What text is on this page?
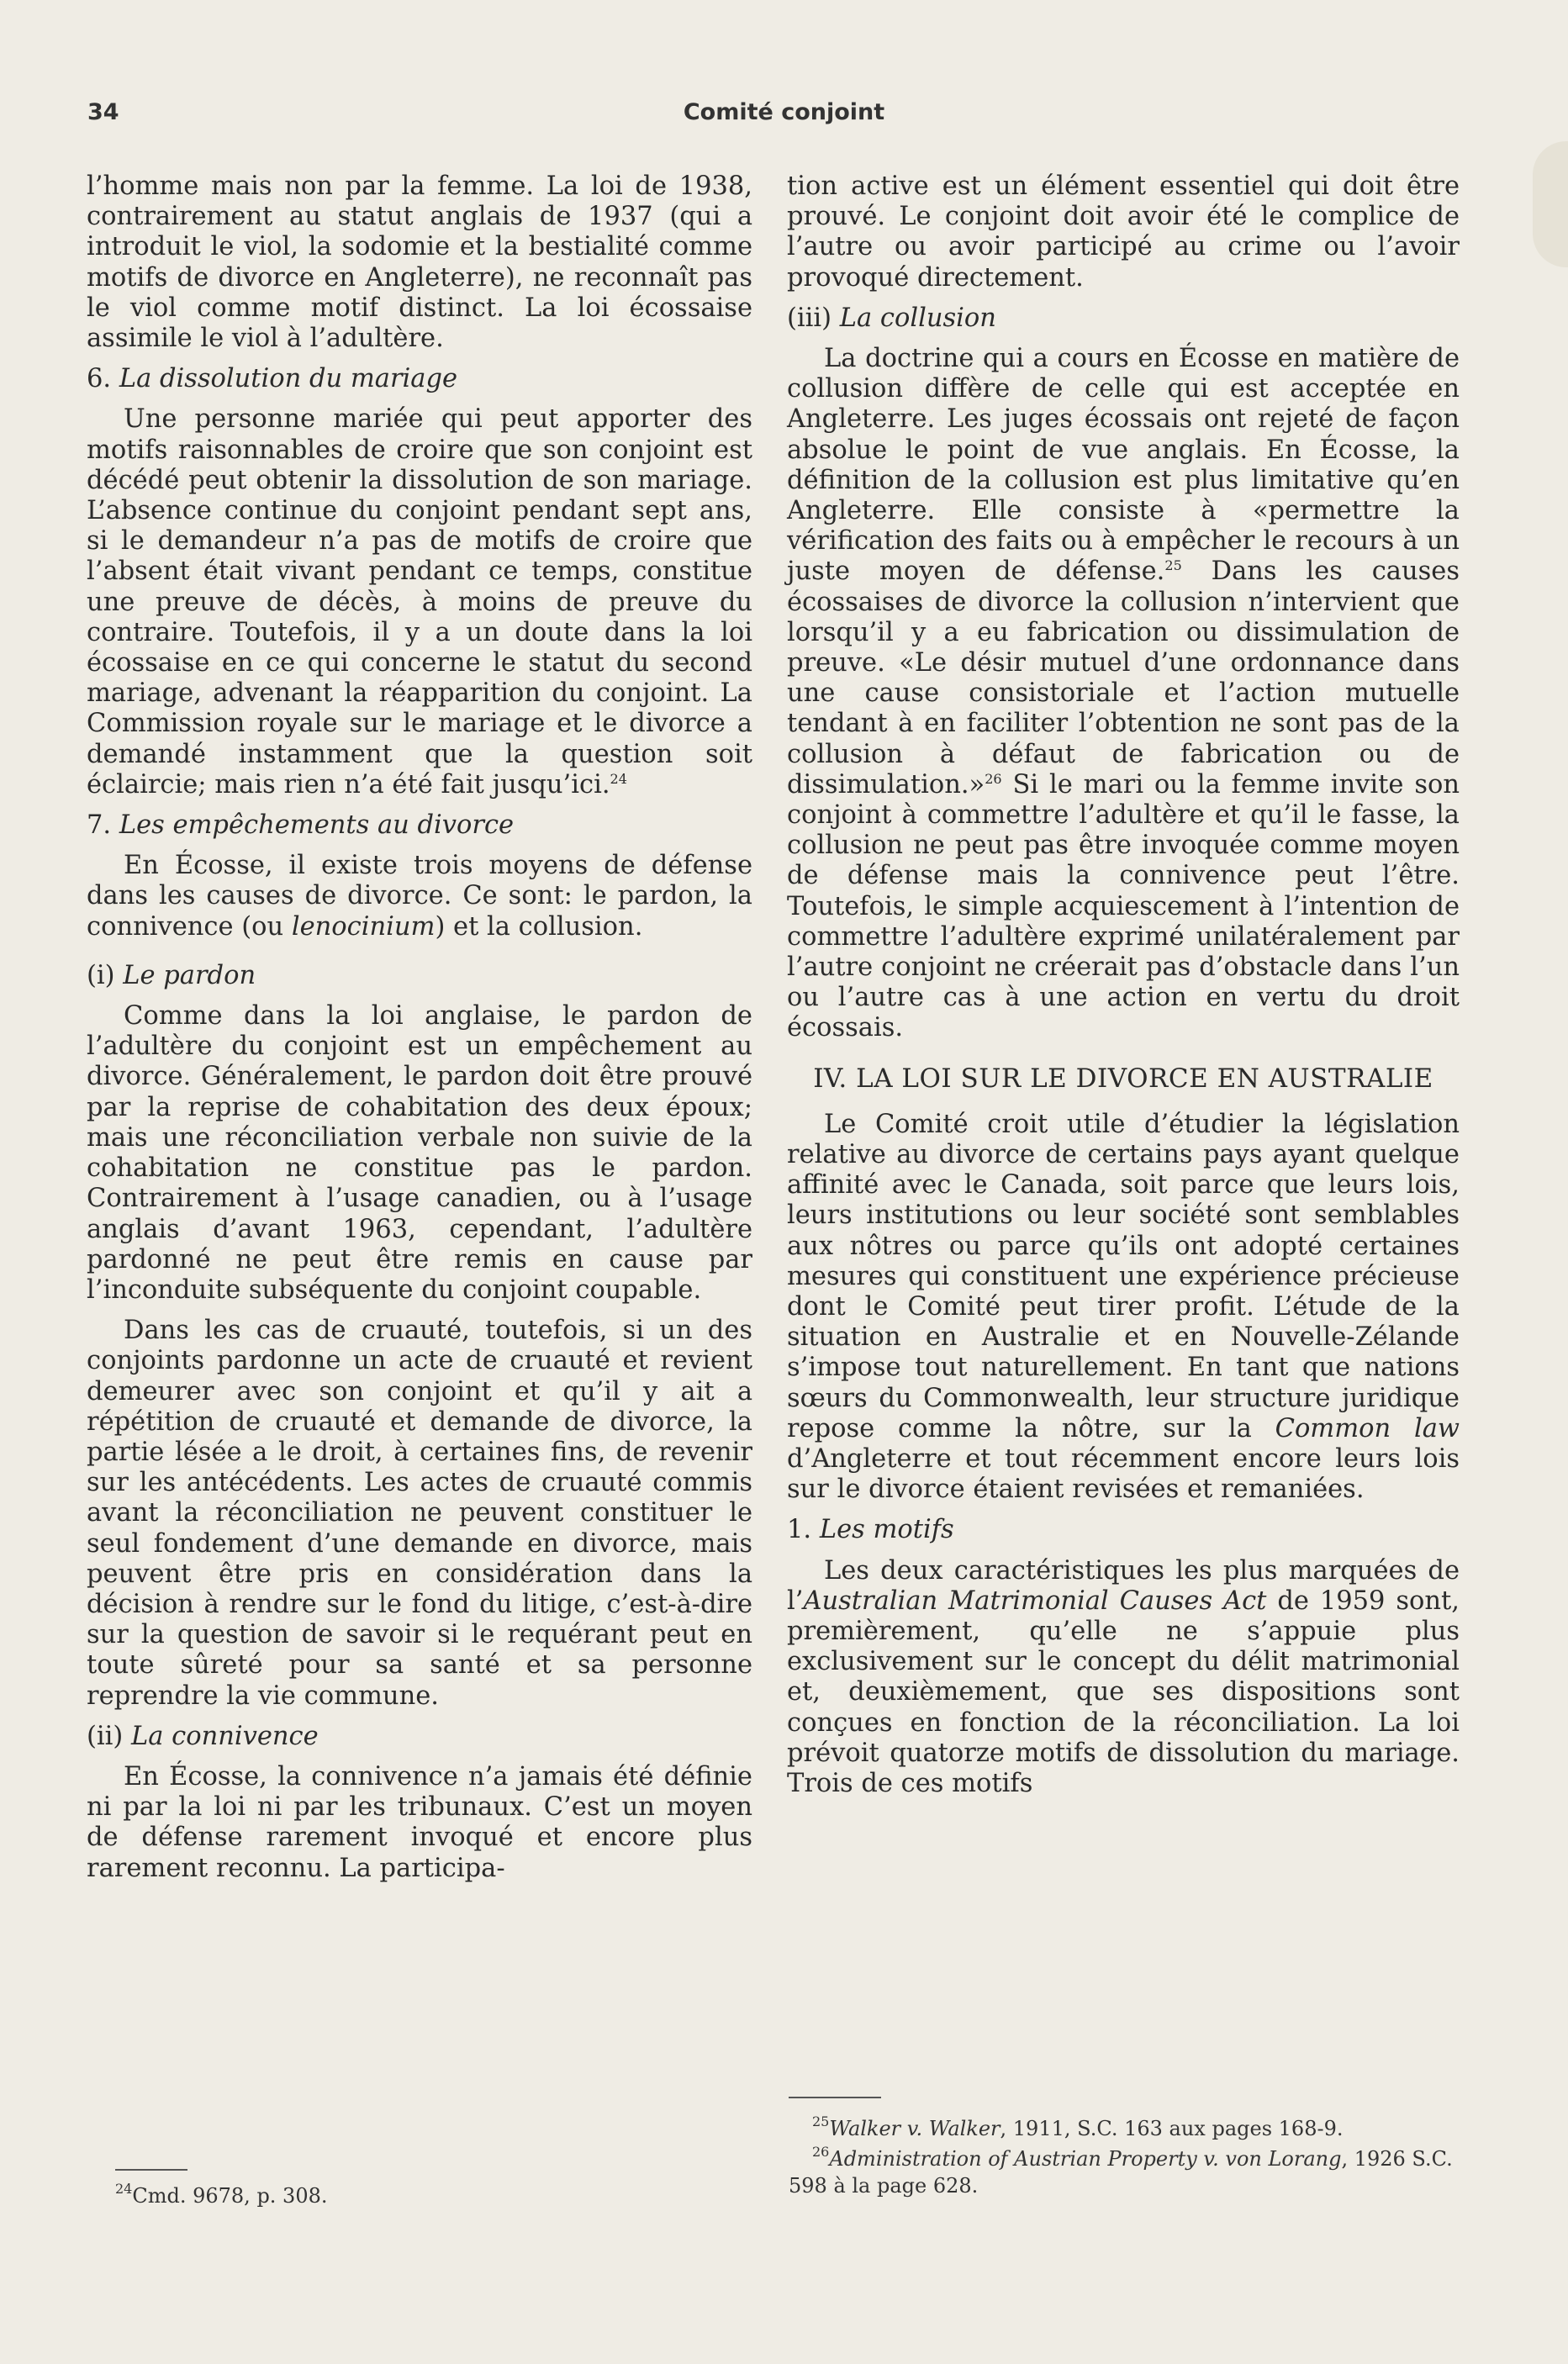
34	Comité conjoint

l’homme mais non par la femme. La loi de 1938, contrairement au statut anglais de 1937 (qui a introduit le viol, la sodomie et la bestialité comme motifs de divorce en Angleterre), ne reconnaît pas le viol comme motif distinct. La loi écossaise assimile le viol à l’adultère.

6. La dissolution du mariage

Une personne mariée qui peut apporter des motifs raisonnables de croire que son conjoint est décédé peut obtenir la dissolution de son mariage. L’absence continue du conjoint pendant sept ans, si le demandeur n’a pas de motifs de croire que l’absent était vivant pendant ce temps, constitue une preuve de décès, à moins de preuve du contraire. Toutefois, il y a un doute dans la loi écossaise en ce qui concerne le statut du second mariage, advenant la réapparition du conjoint. La Commission royale sur le mariage et le divorce a demandé instamment que la question soit éclaircie; mais rien n’a été fait jusqu’ici.$^{24}$

7. Les empêchements au divorce

En Écosse, il existe trois moyens de défense dans les causes de divorce. Ce sont: le pardon, la connivence (ou lenocinium) et la collusion.

(i) Le pardon

Comme dans la loi anglaise, le pardon de l’adultère du conjoint est un empêchement au divorce. Généralement, le pardon doit être prouvé par la reprise de cohabitation des deux époux; mais une réconciliation verbale non suivie de la cohabitation ne constitue pas le pardon. Contrairement à l’usage canadien, ou à l’usage anglais d’avant 1963, cependant, l’adultère pardonné ne peut être remis en cause par l’inconduite subséquente du conjoint coupable.

Dans les cas de cruauté, toutefois, si un des conjoints pardonne un acte de cruauté et revient demeurer avec son conjoint et qu’il y ait a répétition de cruauté et demande de divorce, la partie lésée a le droit, à certaines fins, de revenir sur les antécédents. Les actes de cruauté commis avant la réconciliation ne peuvent constituer le seul fondement d’une demande en divorce, mais peuvent être pris en considération dans la décision à rendre sur le fond du litige, c’est-à-dire sur la question de savoir si le requérant peut en toute sûreté pour sa santé et sa personne reprendre la vie commune.

(ii) La connivence

En Écosse, la connivence n’a jamais été définie ni par la loi ni par les tribunaux. C’est un moyen de défense rarement invoqué et encore plus rarement reconnu. La participa-

tion active est un élément essentiel qui doit être prouvé. Le conjoint doit avoir été le complice de l’autre ou avoir participé au crime ou l’avoir provoqué directement.

(iii) La collusion

La doctrine qui a cours en Écosse en matière de collusion diffère de celle qui est acceptée en Angleterre. Les juges écossais ont rejeté de façon absolue le point de vue anglais. En Écosse, la définition de la collusion est plus limitative qu’en Angleterre. Elle consiste à «permettre la vérification des faits ou à empêcher le recours à un juste moyen de défense.$^{25}$ Dans les causes écossaises de divorce la collusion n’intervient que lorsqu’il y a eu fabrication ou dissimulation de preuve. «Le désir mutuel d’une ordonnance dans une cause consistoriale et l’action mutuelle tendant à en faciliter l’obtention ne sont pas de la collusion à défaut de fabrication ou de dissimulation.»$^{26}$ Si le mari ou la femme invite son conjoint à commettre l’adultère et qu’il le fasse, la collusion ne peut pas être invoquée comme moyen de défense mais la connivence peut l’être. Toutefois, le simple acquiescement à l’intention de commettre l’adultère exprimé unilatéralement par l’autre conjoint ne créerait pas d’obstacle dans l’un ou l’autre cas à une action en vertu du droit écossais.

IV. LA LOI SUR LE DIVORCE EN AUSTRALIE

Le Comité croit utile d’étudier la législation relative au divorce de certains pays ayant quelque affinité avec le Canada, soit parce que leurs lois, leurs institutions ou leur société sont semblables aux nôtres ou parce qu’ils ont adopté certaines mesures qui constituent une expérience précieuse dont le Comité peut tirer profit. L’étude de la situation en Australie et en Nouvelle-Zélande s’impose tout naturellement. En tant que nations sœurs du Commonwealth, leur structure juridique repose comme la nôtre, sur la Common law d’Angleterre et tout récemment encore leurs lois sur le divorce étaient revisées et remaniées.

1. Les motifs

Les deux caractéristiques les plus marquées de l’Australian Matrimonial Causes Act de 1959 sont, premièrement, qu’elle ne s’appuie plus exclusivement sur le concept du délit matrimonial et, deuxièmement, que ses dispositions sont conçues en fonction de la réconciliation. La loi prévoit quatorze motifs de dissolution du mariage. Trois de ces motifs

$^{24}$Cmd. 9678, p. 308.
$^{25}$Walker v. Walker, 1911, S.C. 163 aux pages 168-9.
$^{26}$Administration of Austrian Property v. von Lorang, 1926 S.C. 598 à la page 628.
